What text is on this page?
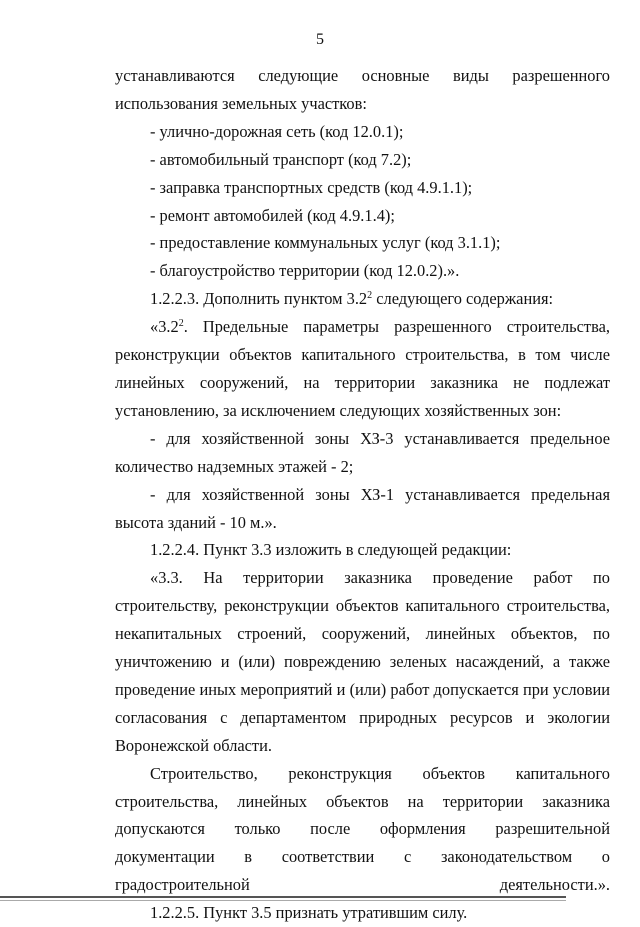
5

устанавливаются следующие основные виды разрешенного использования земельных участков:

- улично-дорожная сеть (код 12.0.1);

- автомобильный транспорт (код 7.2);

- заправка транспортных средств (код 4.9.1.1);

- ремонт автомобилей (код 4.9.1.4);

- предоставление коммунальных услуг (код 3.1.1);

- благоустройство территории (код 12.0.2).».

1.2.2.3. Дополнить пунктом $3.2^2$ следующего содержания:

«$3.2^2$. Предельные параметры разрешенного строительства, реконструкции объектов капитального строительства, в том числе линейных сооружений, на территории заказника не подлежат установлению, за исключением следующих хозяйственных зон:

- для хозяйственной зоны ХЗ-3 устанавливается предельное количество надземных этажей - 2;

- для хозяйственной зоны ХЗ-1 устанавливается предельная высота зданий - 10 м.».

1.2.2.4. Пункт 3.3 изложить в следующей редакции:

«3.3. На территории заказника проведение работ по строительству, реконструкции объектов капитального строительства, некапитальных строений, сооружений, линейных объектов, по уничтожению и (или) повреждению зеленых насаждений, а также проведение иных мероприятий и (или) работ допускается при условии согласования с департаментом природных ресурсов и экологии Воронежской области.

Строительство, реконструкция объектов капитального строительства, линейных объектов на территории заказника допускаются только после оформления разрешительной документации в соответствии с законодательством о градостроительной деятельности.».

1.2.2.5. Пункт 3.5 признать утратившим силу.
